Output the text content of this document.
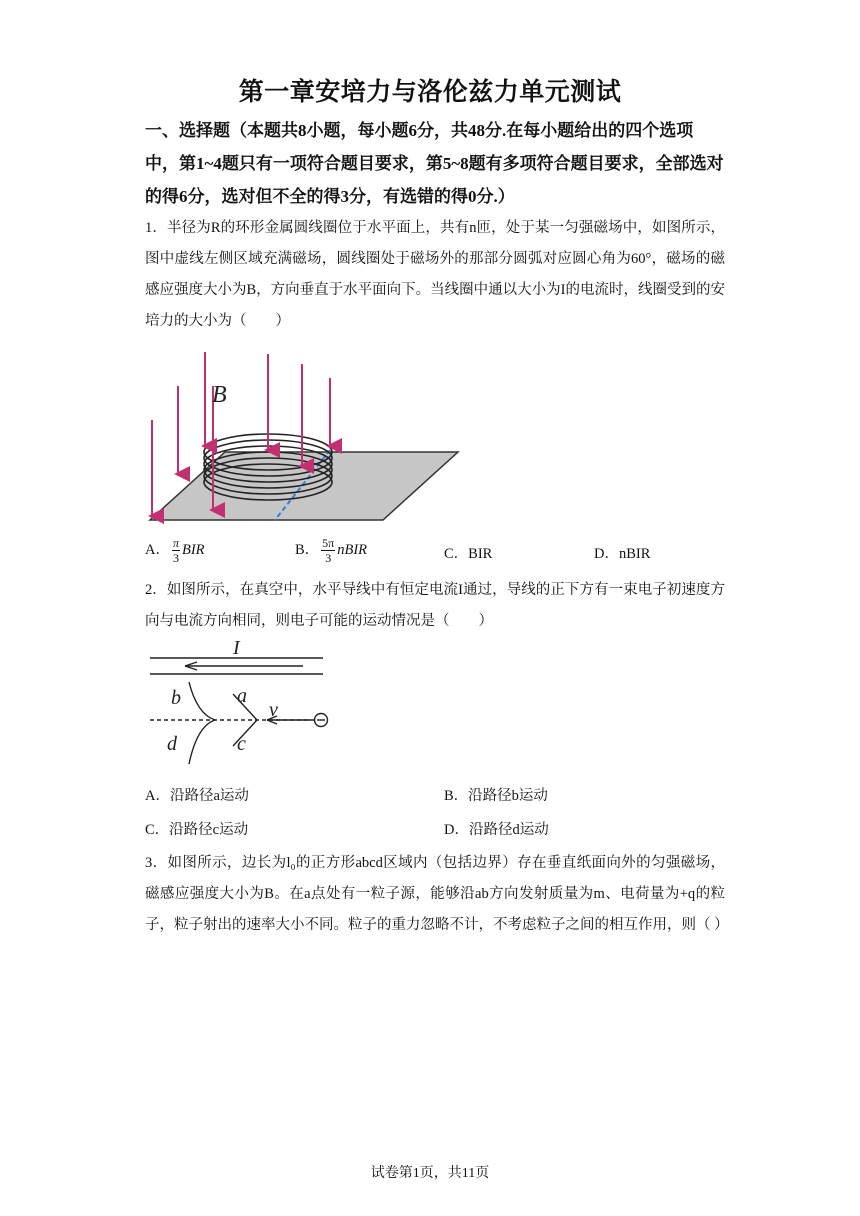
第一章安培力与洛伦兹力单元测试
一、选择题（本题共8小题，每小题6分，共48分.在每小题给出的四个选项中，第1~4题只有一项符合题目要求，第5~8题有多项符合题目要求，全部选对的得6分，选对但不全的得3分，有选错的得0分.）
1．半径为R的环形金属圆线圈位于水平面上，共有n匝，处于某一匀强磁场中，如图所示，图中虚线左侧区域充满磁场，圆线圈处于磁场外的那部分圆弧对应圆心角为60°，磁场的磁感应强度大小为B，方向垂直于水平面向下。当线圈中通以大小为I的电流时，线圈受到的安培力的大小为（　　）
B
A． $\frac{\pi}{3}$ BIR	B． $\frac{5\pi}{3}$ nBIR	C．BIR	D．nBIR
2．如图所示，在真空中，水平导线中有恒定电流I通过，导线的正下方有一束电子初速度方向与电流方向相同，则电子可能的运动情况是（　　）
I
a
b
c
d
v
A．沿路径a运动	B．沿路径b运动
C．沿路径c运动	D．沿路径d运动
3．如图所示，边长为l₀的正方形abcd区域内（包括边界）存在垂直纸面向外的匀强磁场，磁感应强度大小为B。在a点处有一粒子源，能够沿ab方向发射质量为m、电荷量为+q的粒子，粒子射出的速率大小不同。粒子的重力忽略不计，不考虑粒子之间的相互作用，则（ ）
试卷第1页，共11页
